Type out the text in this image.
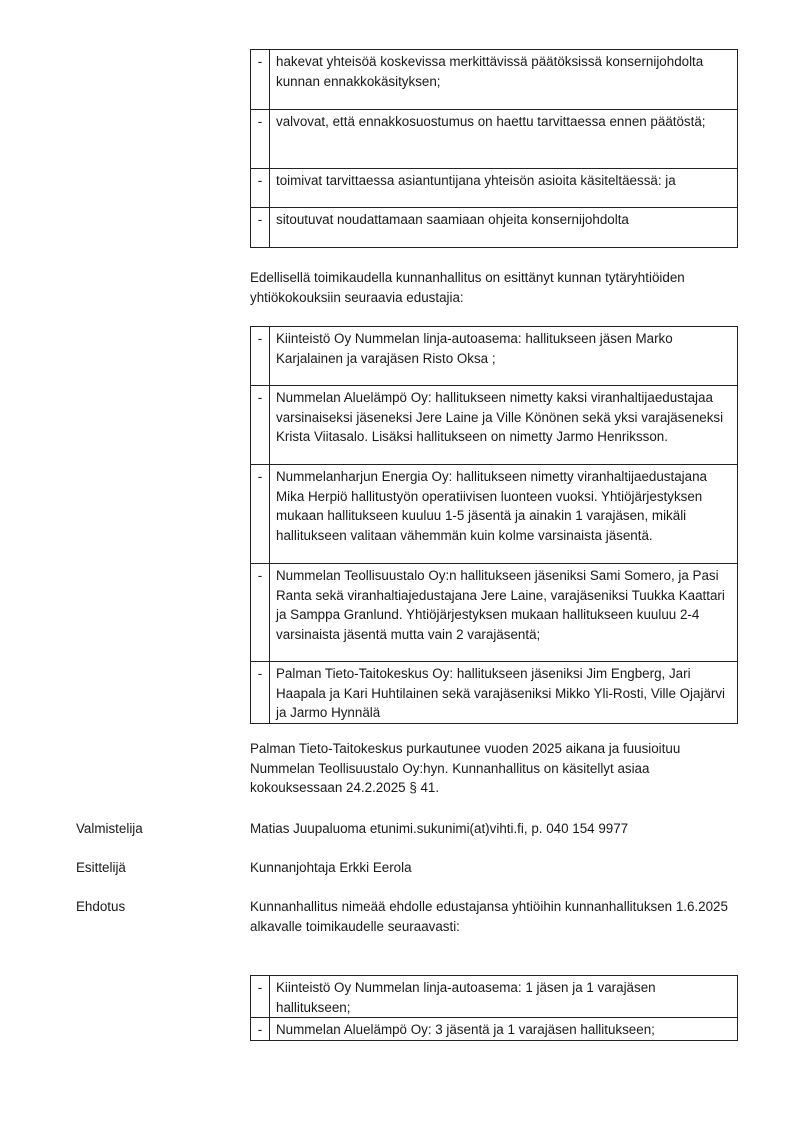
-	hakevat yhteisöä koskevissa merkittävissä päätöksissä konsernijohdolta kunnan ennakkokäsityksen;
-	valvovat, että ennakkosuostumus on haettu tarvittaessa ennen päätöstä;
-	toimivat tarvittaessa asiantuntijana yhteisön asioita käsiteltäessä: ja
-	sitoutuvat noudattamaan saamiaan ohjeita konsernijohdolta

Edellisellä toimikaudella kunnanhallitus on esittänyt kunnan tytäryhtiöiden yhtiökokouksiin seuraavia edustajia:

-	Kiinteistö Oy Nummelan linja-autoasema: hallitukseen jäsen Marko Karjalainen ja varajäsen Risto Oksa ;
-	Nummelan Aluelämpö Oy: hallitukseen nimetty kaksi viranhaltijaedustajaa varsinaiseksi jäseneksi Jere Laine ja Ville Könönen sekä yksi varajäseneksi Krista Viitasalo. Lisäksi hallitukseen on nimetty Jarmo Henriksson.
-	Nummelanharjun Energia Oy: hallitukseen nimetty viranhaltijaedustajana Mika Herpiö hallitustyön operatiivisen luonteen vuoksi. Yhtiöjärjestyksen mukaan hallitukseen kuuluu 1-5 jäsentä ja ainakin 1 varajäsen, mikäli hallitukseen valitaan vähemmän kuin kolme varsinaista jäsentä.
-	Nummelan Teollisuustalo Oy:n hallitukseen jäseniksi Sami Somero, ja Pasi Ranta sekä viranhaltiajedustajana Jere Laine, varajäseniksi Tuukka Kaattari ja Samppa Granlund. Yhtiöjärjestyksen mukaan hallitukseen kuuluu 2-4 varsinaista jäsentä mutta vain 2 varajäsentä;
-	Palman Tieto-Taitokeskus Oy: hallitukseen jäseniksi Jim Engberg, Jari Haapala ja Kari Huhtilainen sekä varajäseniksi Mikko Yli-Rosti, Ville Ojajärvi ja Jarmo Hynnälä

Palman Tieto-Taitokeskus purkautunee vuoden 2025 aikana ja fuusioituu Nummelan Teollisuustalo Oy:hyn. Kunnanhallitus on käsitellyt asiaa kokouksessaan 24.2.2025 § 41.

Valmistelija	Matias Juupaluoma etunimi.sukunimi(at)vihti.fi, p. 040 154 9977
Esittelijä	Kunnanjohtaja Erkki Eerola
Ehdotus	Kunnanhallitus nimeää ehdolle edustajansa yhtiöihin kunnanhallituksen 1.6.2025 alkavalle toimikaudelle seuraavasti:
-	Kiinteistö Oy Nummelan linja-autoasema: 1 jäsen ja 1 varajäsen hallitukseen;
-	Nummelan Aluelämpö Oy: 3 jäsentä ja 1 varajäsen hallitukseen;
